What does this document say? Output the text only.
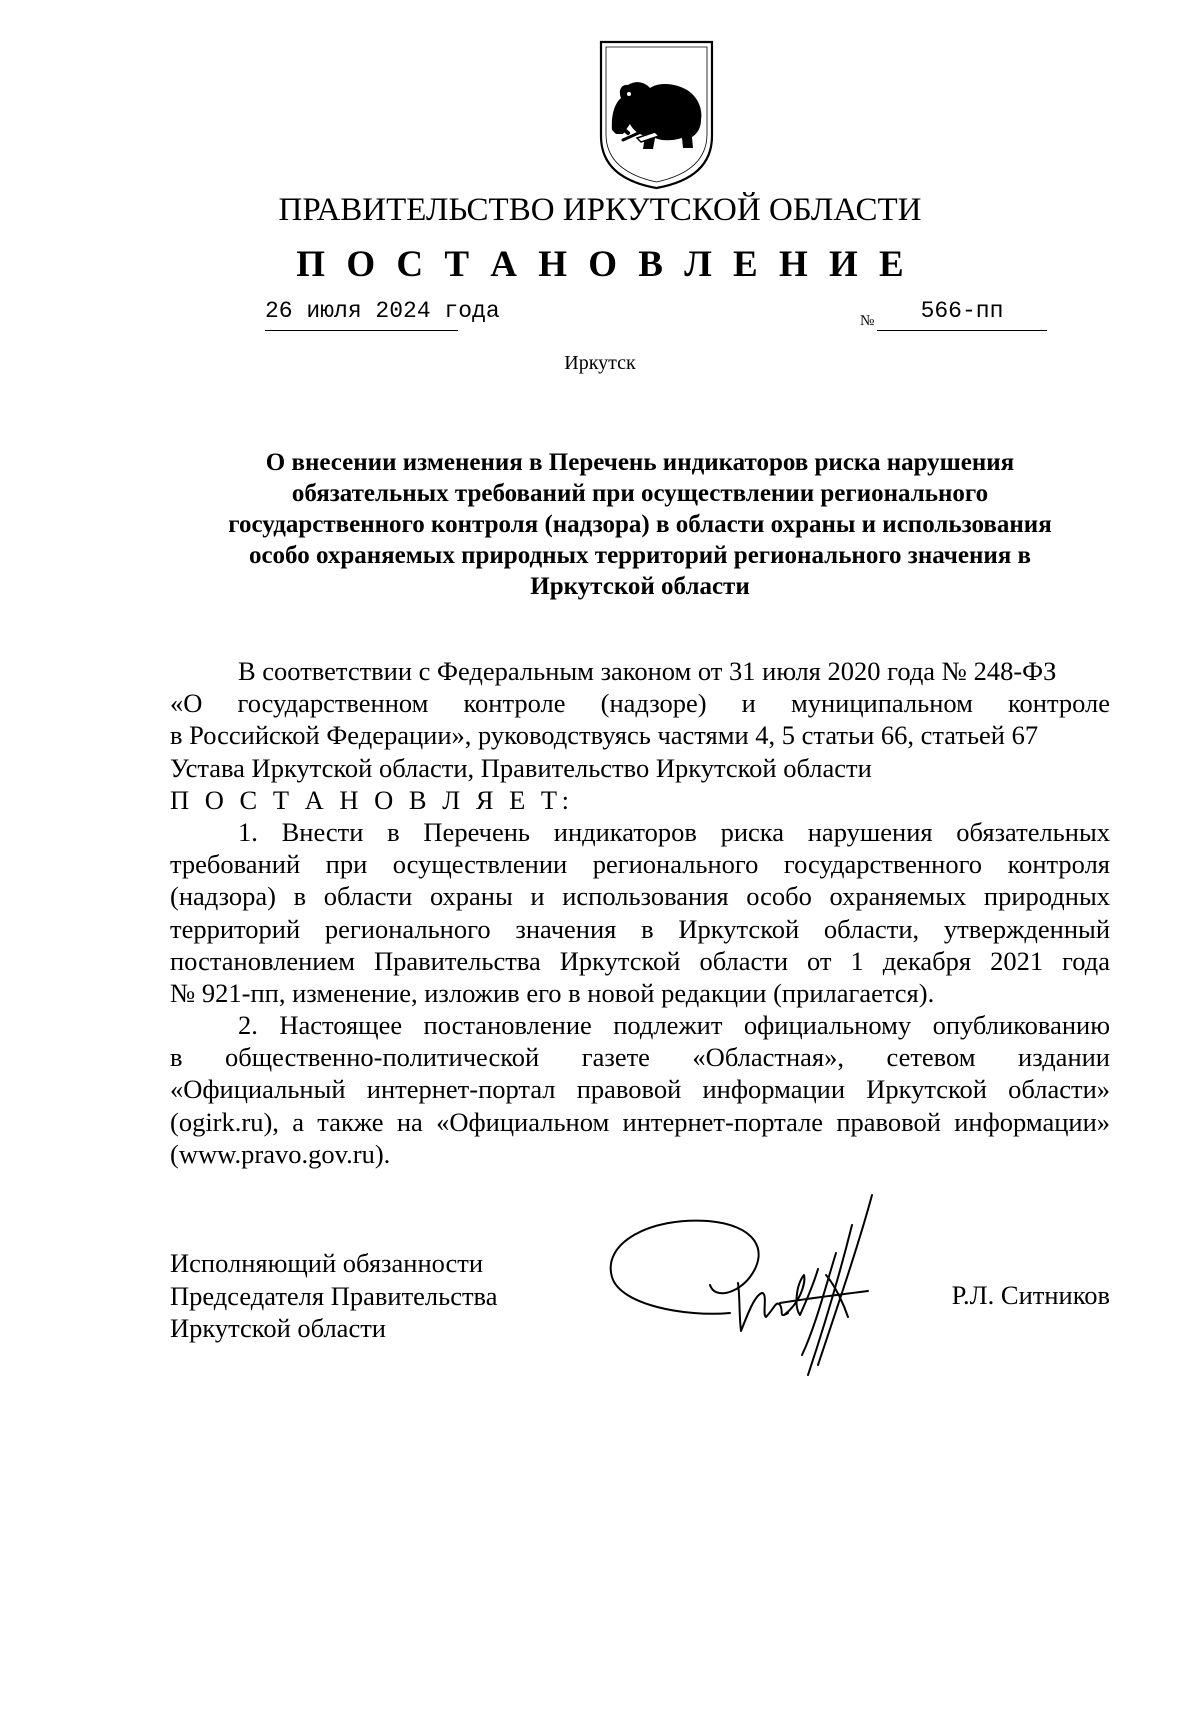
ПРАВИТЕЛЬСТВО ИРКУТСКОЙ ОБЛАСТИ
П О С Т А Н О В Л Е Н И Е
26 июля 2024 года	№	566-пп
Иркутск
О внесении изменения в Перечень индикаторов риска нарушения
обязательных требований при осуществлении регионального
государственного контроля (надзора) в области охраны и использования
особо охраняемых природных территорий регионального значения в
Иркутской области
В соответствии с Федеральным законом от 31 июля 2020 года № 248-ФЗ
«О государственном контроле (надзоре) и муниципальном контроле
в Российской Федерации», руководствуясь частями 4, 5 статьи 66, статьей 67
Устава Иркутской области, Правительство Иркутской области
П О С Т А Н О В Л Я Е Т:
1. Внести в Перечень индикаторов риска нарушения обязательных
требований при осуществлении регионального государственного контроля
(надзора) в области охраны и использования особо охраняемых природных
территорий регионального значения в Иркутской области, утвержденный
постановлением Правительства Иркутской области от 1 декабря 2021 года
№ 921-пп, изменение, изложив его в новой редакции (прилагается).
2. Настоящее постановление подлежит официальному опубликованию
в общественно-политической газете «Областная», сетевом издании
«Официальный интернет-портал правовой информации Иркутской области»
(ogirk.ru), а также на «Официальном интернет-портале правовой информации»
(www.pravo.gov.ru).
Исполняющий обязанности
Председателя Правительства
Иркутской области
Р.Л. Ситников
